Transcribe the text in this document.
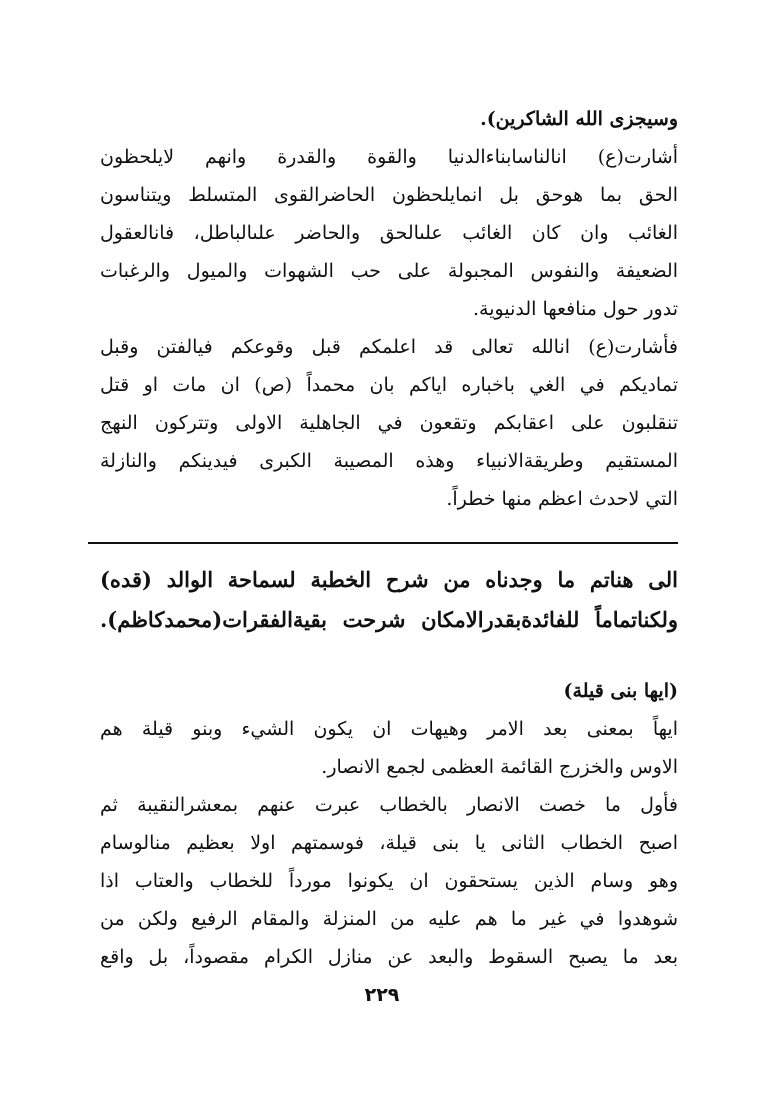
وسيجزى الله الشاكرين).
أشارت(ع) انالناسابناءالدنيا والقوة والقدرة وانهم لايلحظون
الحق بما هوحق بل انمايلحظون الحاضرالقوى المتسلط ويتناسون
الغائب وان كان الغائب علىالحق والحاضر علىالباطل، فانالعقول
الضعيفة والنفوس المجبولة على حب الشهوات والميول والرغبات
تدور حول منافعها الدنيوية.
فأشارت(ع) انالله تعالى قد اعلمكم قبل وقوعكم فيالفتن وقبل
تماديكم في الغي باخباره اياكم بان محمداً (ص) ان مات او قتل
تنقلبون على اعقابكم وتقعون في الجاهلية الاولى وتتركون النهج
المستقيم وطريقةالانبياء وهذه المصيبة الكبرى فيدينكم والنازلة
التي لاحدث اعظم منها خطراً.
الى هناتم ما وجدناه من شرح الخطبة لسماحة الوالد (قده)
ولكناتماماً للفائدةبقدرالامكان شرحت بقيةالفقرات(محمدكاظم).
(ايها بنى قيلة)
ايهاً بمعنى بعد الامر وهيهات ان يكون الشيء وبنو قيلة هم
الاوس والخزرج القائمة العظمى لجمع الانصار.
فأول ما خصت الانصار بالخطاب عبرت عنهم بمعشرالنقيبة ثم
اصبح الخطاب الثانى يا بنى قيلة، فوسمتهم اولا بعظيم منالوسام
وهو وسام الذين يستحقون ان يكونوا مورداً للخطاب والعتاب اذا
شوهدوا في غير ما هم عليه من المنزلة والمقام الرفيع ولكن من
بعد ما يصبح السقوط والبعد عن منازل الكرام مقصوداً، بل واقع
٢٢٩
